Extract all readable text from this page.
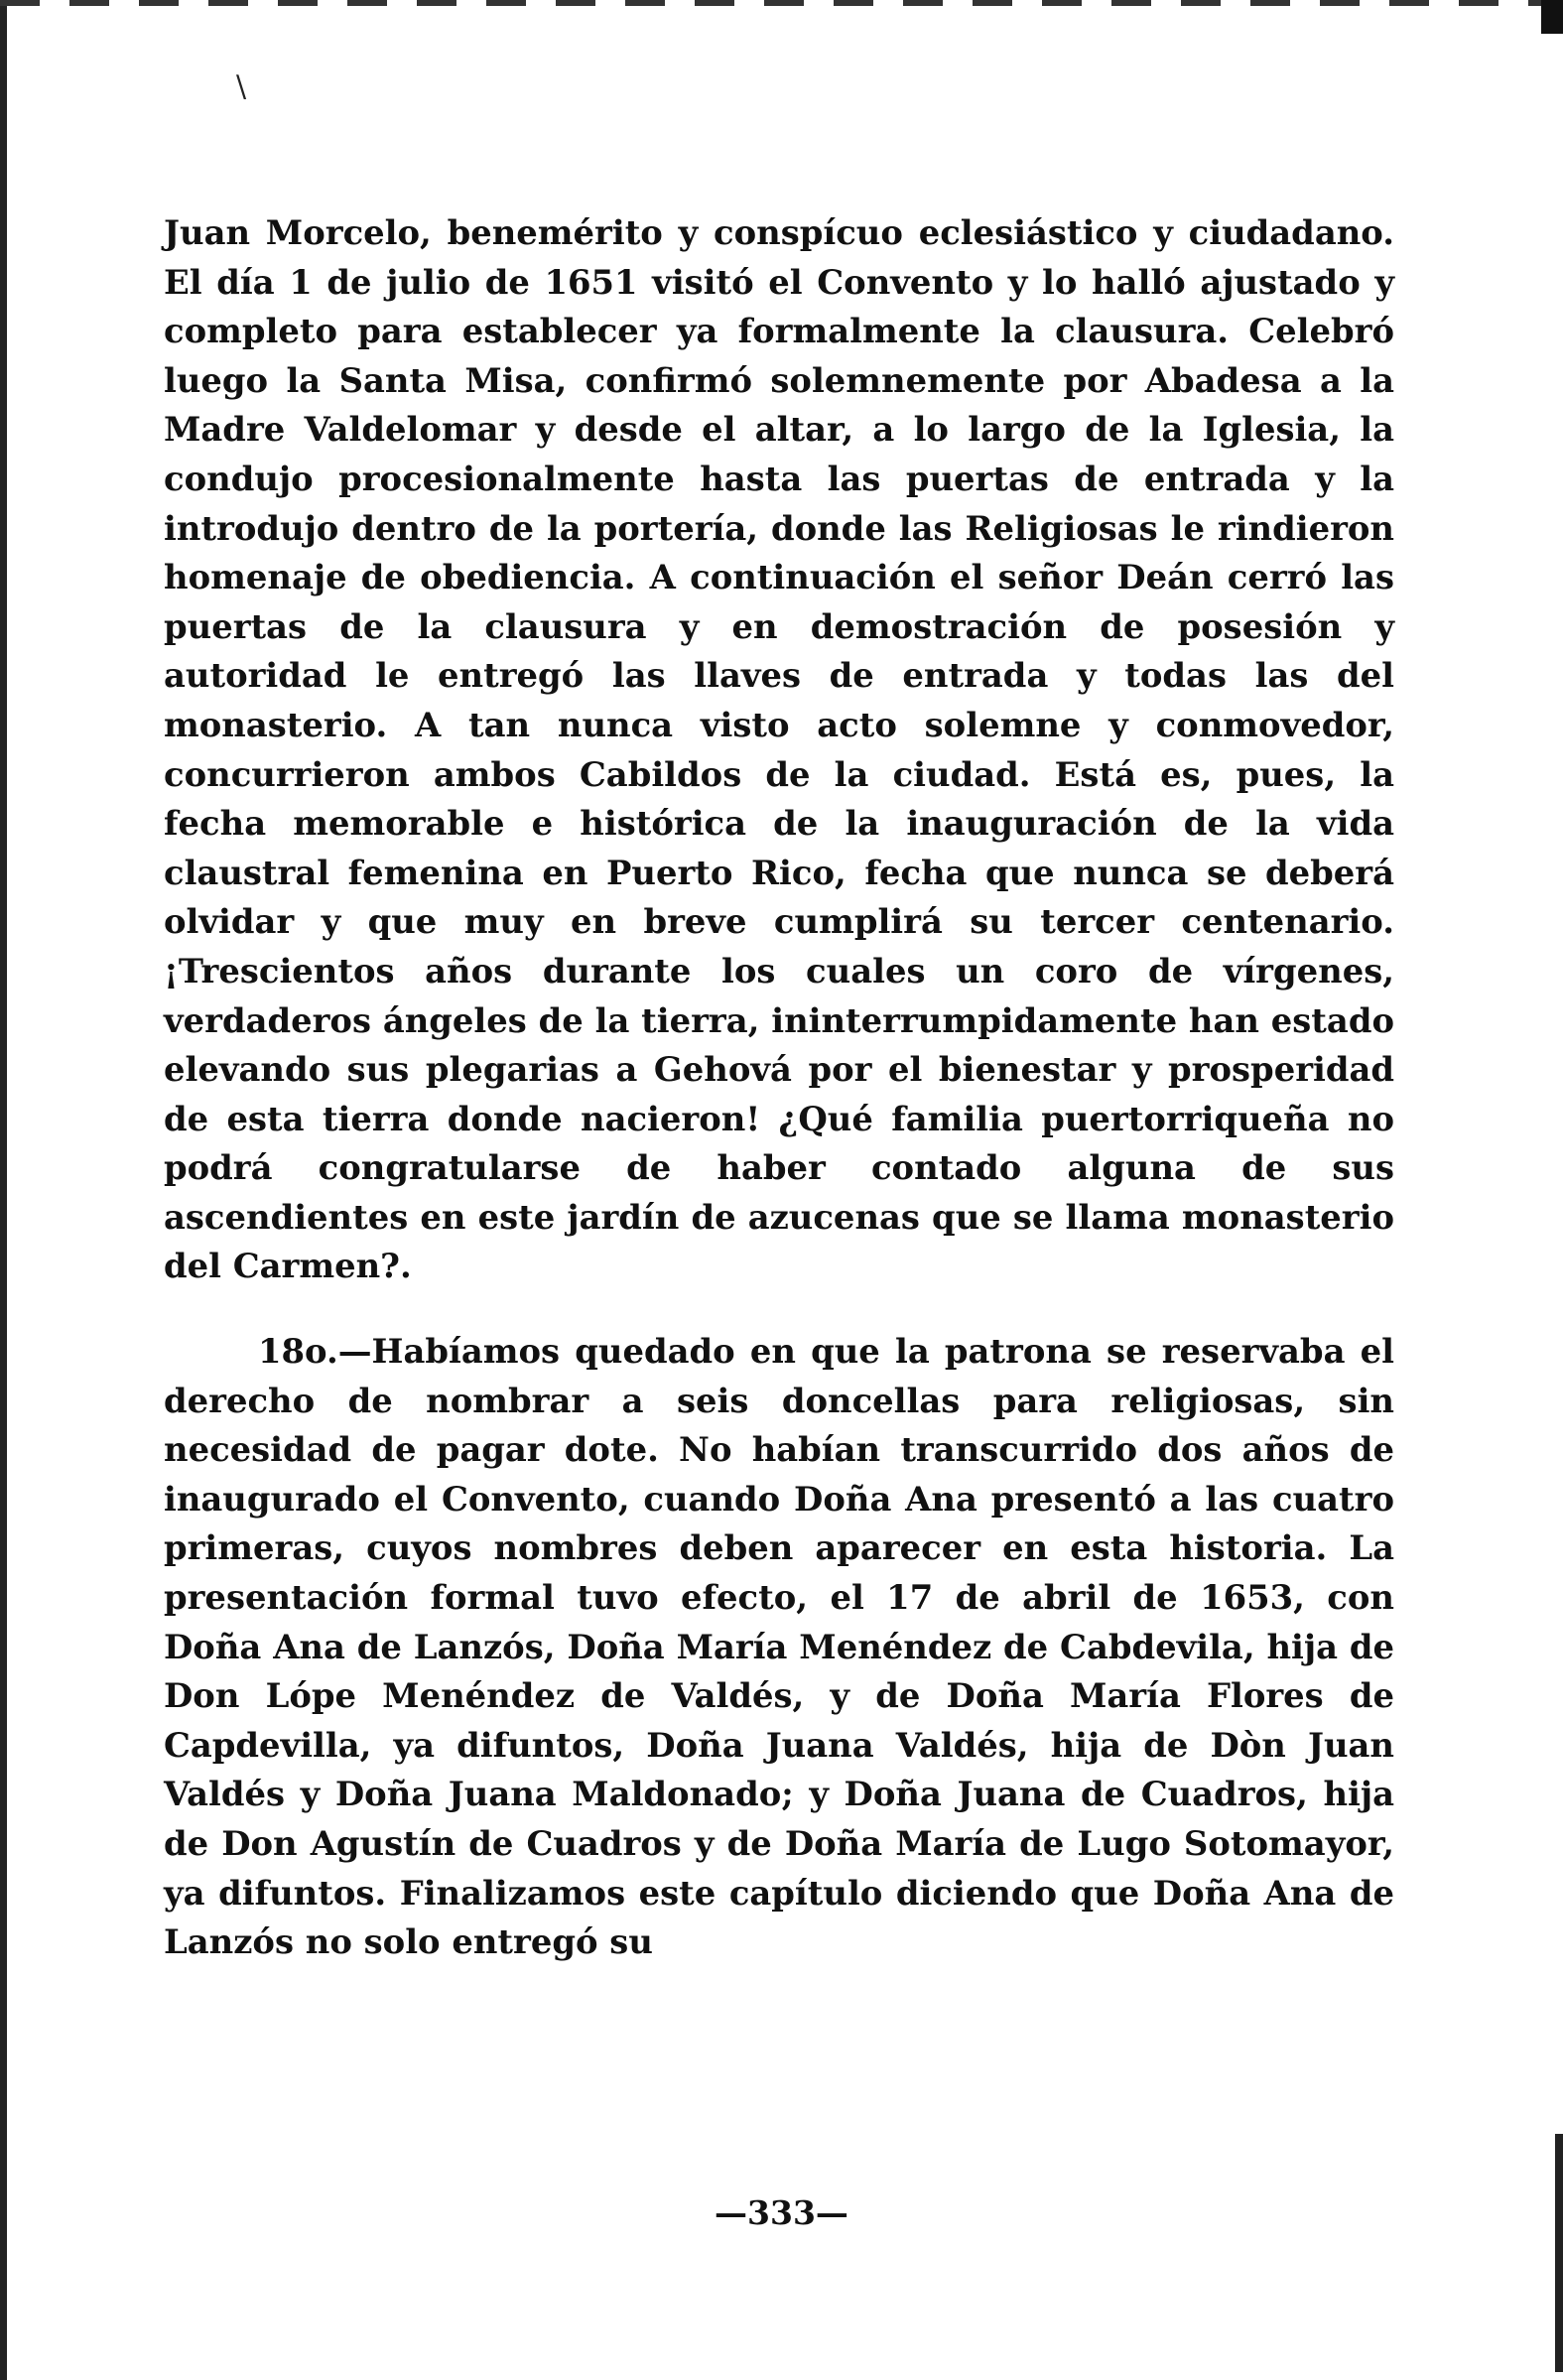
\

Juan Morcelo, benemérito y conspícuo eclesiástico y ciudadano. El día 1 de julio de 1651 visitó el Convento y lo halló ajustado y completo para establecer ya formalmente la clausura. Celebró luego la Santa Misa, confirmó solemnemente por Abadesa a la Madre Valdelomar y desde el altar, a lo largo de la Iglesia, la condujo procesionalmente hasta las puertas de entrada y la introdujo dentro de la portería, donde las Religiosas le rindieron homenaje de obediencia. A continuación el señor Deán cerró las puertas de la clausura y en demostración de posesión y autoridad le entregó las llaves de entrada y todas las del monasterio. A tan nunca visto acto solemne y conmovedor, concurrieron ambos Cabildos de la ciudad. Está es, pues, la fecha memorable e histórica de la inauguración de la vida claustral femenina en Puerto Rico, fecha que nunca se deberá olvidar y que muy en breve cumplirá su tercer centenario. ¡Trescientos años durante los cuales un coro de vírgenes, verdaderos ángeles de la tierra, ininterrumpidamente han estado elevando sus plegarias a Gehová por el bienestar y prosperidad de esta tierra donde nacieron! ¿Qué familia puertorriqueña no podrá congratularse de haber contado alguna de sus ascendientes en este jardín de azucenas que se llama monasterio del Carmen?.

18o.—Habíamos quedado en que la patrona se reservaba el derecho de nombrar a seis doncellas para religiosas, sin necesidad de pagar dote. No habían transcurrido dos años de inaugurado el Convento, cuando Doña Ana presentó a las cuatro primeras, cuyos nombres deben aparecer en esta historia. La presentación formal tuvo efecto, el 17 de abril de 1653, con Doña Ana de Lanzós, Doña María Menéndez de Cabdevila, hija de Don Lópe Menéndez de Valdés, y de Doña María Flores de Capdevilla, ya difuntos, Doña Juana Valdés, hija de Dòn Juan Valdés y Doña Juana Maldonado; y Doña Juana de Cuadros, hija de Don Agustín de Cuadros y de Doña María de Lugo Sotomayor, ya difuntos. Finalizamos este capítulo diciendo que Doña Ana de Lanzós no solo entregó su

—333—
